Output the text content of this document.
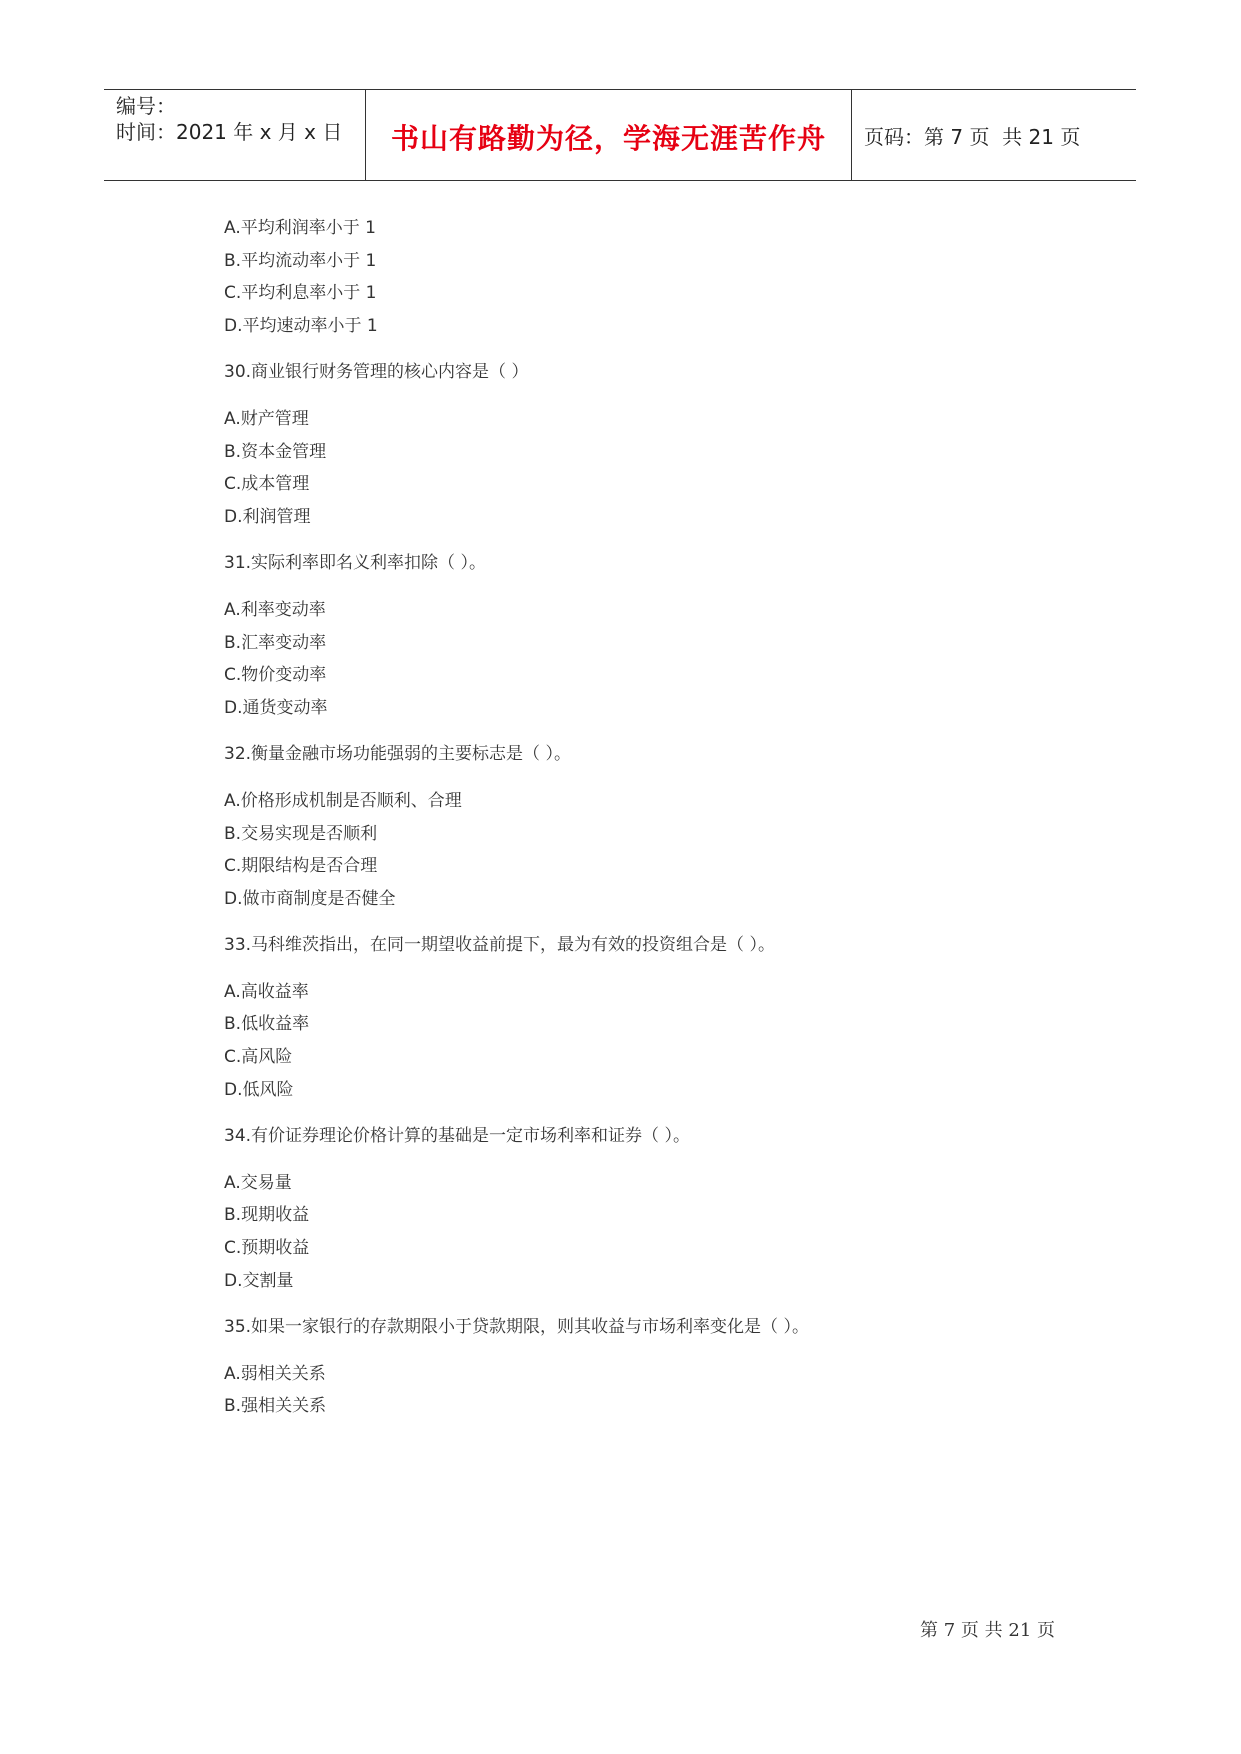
编号：
时间：2021 年 x 月 x 日	书山有路勤为径，学海无涯苦作舟 页码：第 7 页  共 21 页
A.平均利润率小于 1
B.平均流动率小于 1
C.平均利息率小于 1
D.平均速动率小于 1
30.商业银行财务管理的核心内容是（ ）
A.财产管理
B.资本金管理
C.成本管理
D.利润管理
31.实际利率即名义利率扣除（ ）。
A.利率变动率
B.汇率变动率
C.物价变动率
D.通货变动率
32.衡量金融市场功能强弱的主要标志是（ ）。
A.价格形成机制是否顺利、合理
B.交易实现是否顺利
C.期限结构是否合理
D.做市商制度是否健全
33.马科维茨指出，在同一期望收益前提下，最为有效的投资组合是（ ）。
A.高收益率
B.低收益率
C.高风险
D.低风险
34.有价证券理论价格计算的基础是一定市场利率和证券（ ）。
A.交易量
B.现期收益
C.预期收益
D.交割量
35.如果一家银行的存款期限小于贷款期限，则其收益与市场利率变化是（ ）。
A.弱相关关系
B.强相关关系
第 7 页 共 21 页
